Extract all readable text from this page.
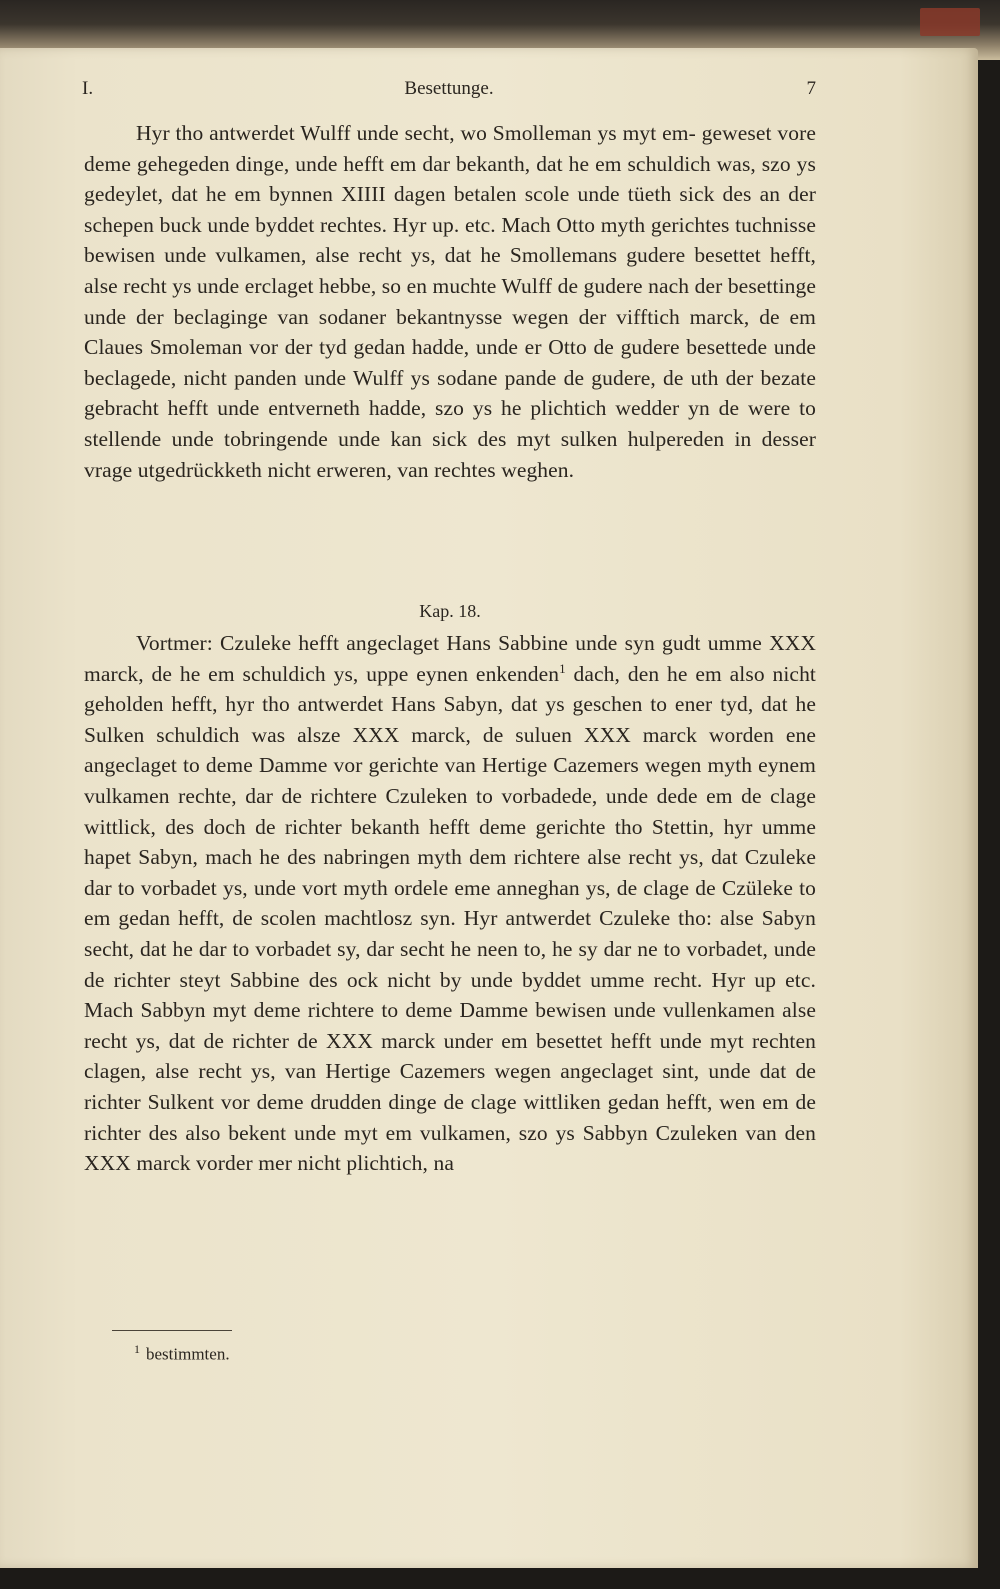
I.	Besettunge.	7

Hyr tho antwerdet Wulff unde secht, wo Smolleman ys myt em- geweset vore deme gehegeden dinge, unde hefft em dar bekanth, dat he em schuldich was, szo ys gedeylet, dat he em bynnen XIIII dagen betalen scole unde tüeth sick des an der schepen buck unde byddet rechtes. Hyr up. etc. Mach Otto myth gerichtes tuchnisse bewisen unde vulkamen, alse recht ys, dat he Smollemans gudere besettet hefft, alse recht ys unde erclaget hebbe, so en muchte Wulff de gudere nach der besettinge unde der beclaginge van sodaner bekantnysse wegen der vifftich marck, de em Claues Smoleman vor der tyd gedan hadde, unde er Otto de gudere besettede unde beclagede, nicht panden unde Wulff ys sodane pande de gudere, de uth der bezate gebracht hefft unde entverneth hadde, szo ys he plichtich wedder yn de were to stellende unde tobringende unde kan sick des myt sulken hulpereden in desser vrage utgedrückketh nicht erweren, van rechtes weghen.

Kap. 18.

Vortmer: Czuleke hefft angeclaget Hans Sabbine unde syn gudt umme XXX marck, de he em schuldich ys, uppe eynen enkenden$^1$ dach, den he em also nicht geholden hefft, hyr tho antwerdet Hans Sabyn, dat ys geschen to ener tyd, dat he Sulken schuldich was alsze XXX marck, de suluen XXX marck worden ene angeclaget to deme Damme vor gerichte van Hertige Cazemers wegen myth eynem vulkamen rechte, dar de richtere Czuleken to vorbadede, unde dede em de clage wittlick, des doch de richter bekanth hefft deme gerichte tho Stettin, hyr umme hapet Sabyn, mach he des nabringen myth dem richtere alse recht ys, dat Czuleke dar to vorbadet ys, unde vort myth ordele eme anneghan ys, de clage de Czüleke to em gedan hefft, de scolen machtlosz syn. Hyr antwerdet Czuleke tho: alse Sabyn secht, dat he dar to vorbadet sy, dar secht he neen to, he sy dar ne to vorbadet, unde de richter steyt Sabbine des ock nicht by unde byddet umme recht. Hyr up etc. Mach Sabbyn myt deme richtere to deme Damme bewisen unde vullenkamen alse recht ys, dat de richter de XXX marck under em besettet hefft unde myt rechten clagen, alse recht ys, van Hertige Cazemers wegen angeclaget sint, unde dat de richter Sulkent vor deme drudden dinge de clage wittliken gedan hefft, wen em de richter des also bekent unde myt em vulkamen, szo ys Sabbyn Czuleken van den XXX marck vorder mer nicht plichtich, na

$^1$ bestimmten.
